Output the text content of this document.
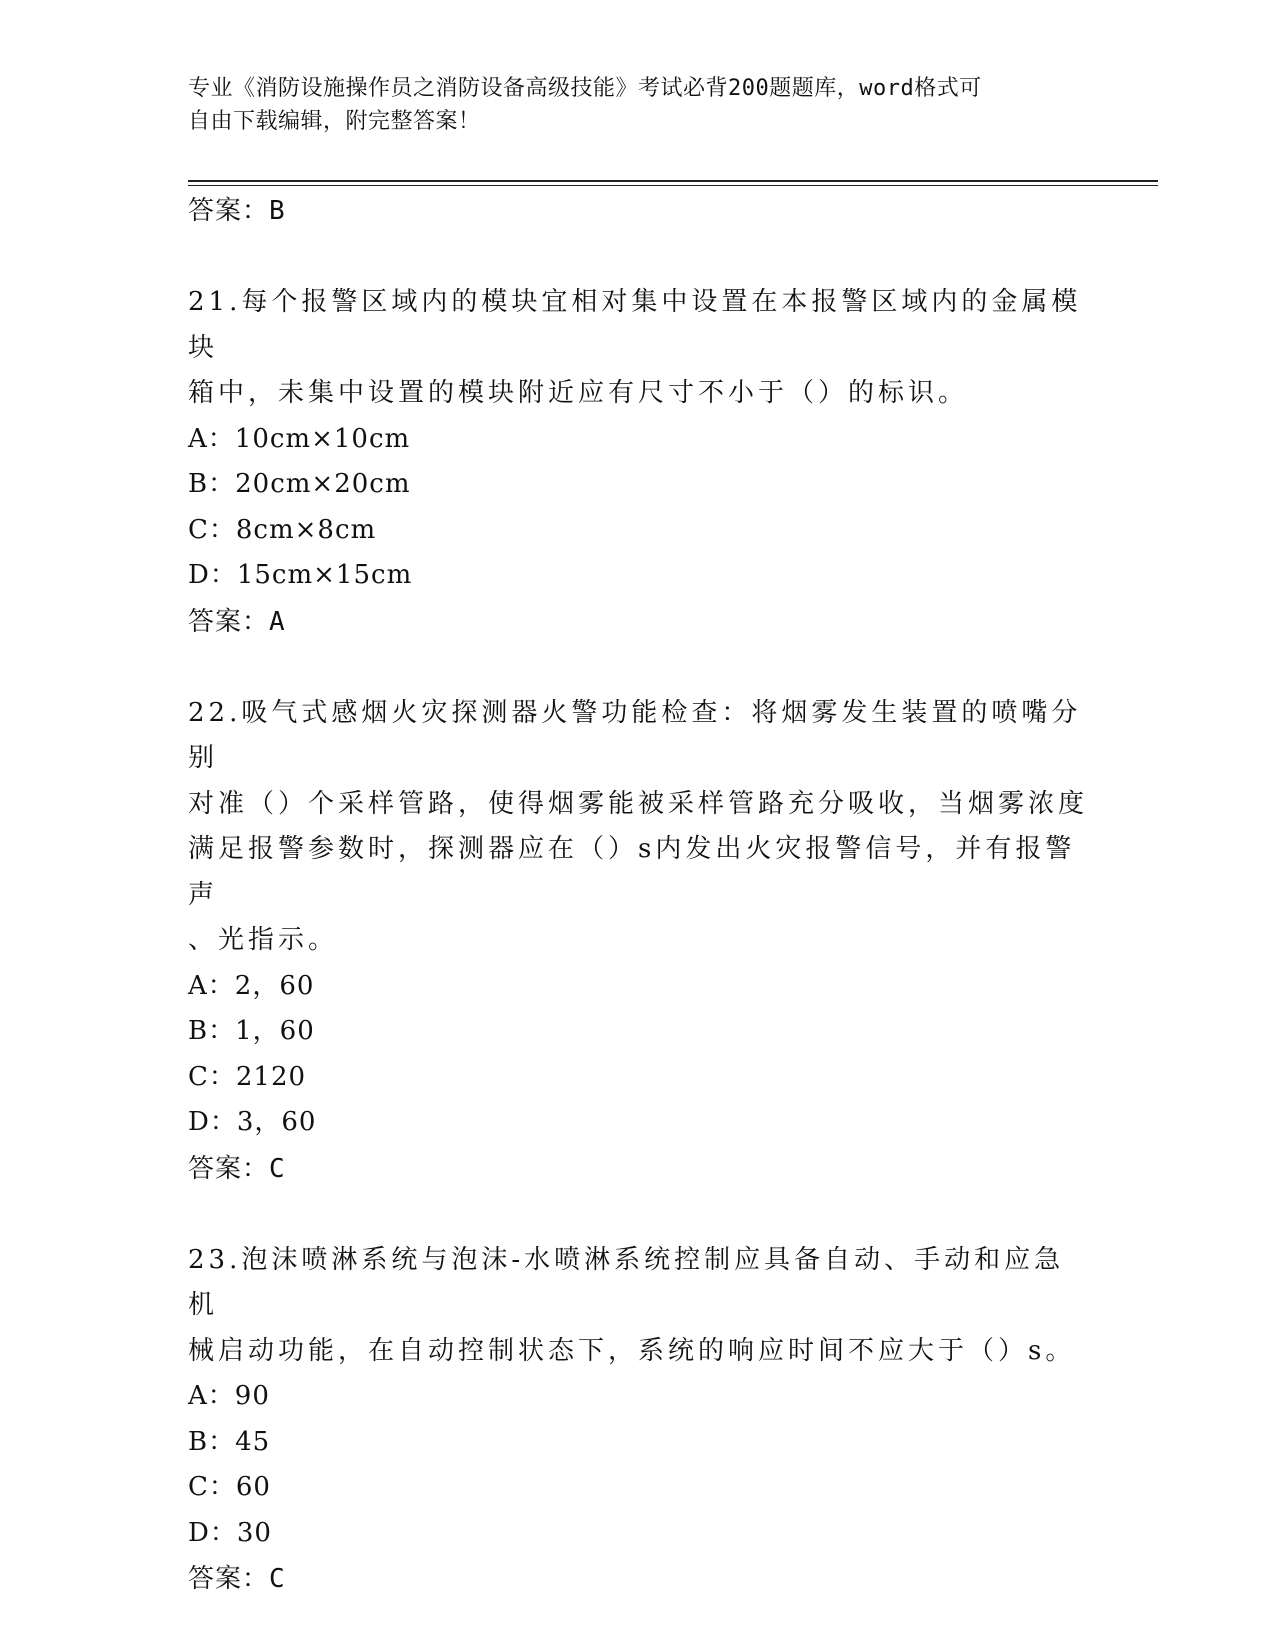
专业《消防设施操作员之消防设备高级技能》考试必背200题题库，word格式可
自由下载编辑，附完整答案！
答案：B
21.每个报警区域内的模块宜相对集中设置在本报警区域内的金属模块
箱中，未集中设置的模块附近应有尺寸不小于（）的标识。
A：10cm×10cm
B：20cm×20cm
C：8cm×8cm
D：15cm×15cm
答案：A
22.吸气式感烟火灾探测器火警功能检查：将烟雾发生装置的喷嘴分别
对准（）个采样管路，使得烟雾能被采样管路充分吸收，当烟雾浓度
满足报警参数时，探测器应在（）s内发出火灾报警信号，并有报警声
、光指示。
A：2，60
B：1，60
C：2120
D：3，60
答案：C
23.泡沫喷淋系统与泡沫-水喷淋系统控制应具备自动、手动和应急机
械启动功能，在自动控制状态下，系统的响应时间不应大于（）s。
A：90
B：45
C：60
D：30
答案：C
